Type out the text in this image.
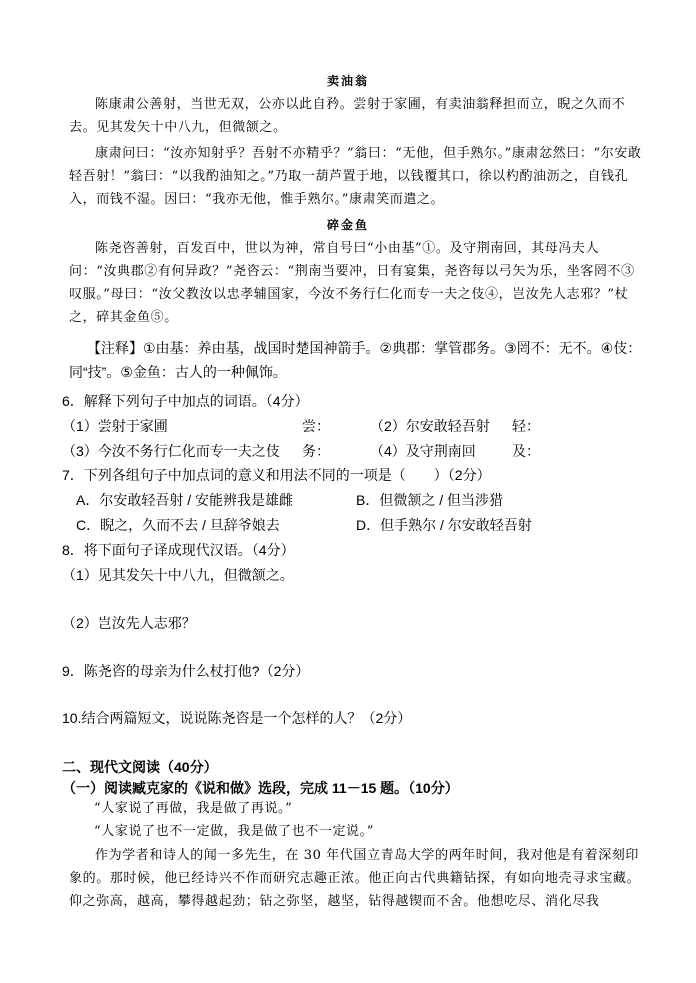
卖油翁
陈康肃公善射，当世无双，公亦以此自矜。尝射于家圃，有卖油翁释担而立，睨之久而不去。见其发矢十中八九，但微颔之。
康肃问曰：“汝亦知射乎？吾射不亦精乎？”翁曰：“无他，但手熟尔。”康肃忿然曰：“尔安敢轻吾射！”翁曰：“以我酌油知之。”乃取一葫芦置于地，以钱覆其口，徐以杓酌油沥之，自钱孔入，而钱不湿。因曰：“我亦无他，惟手熟尔。”康肃笑而遣之。
碎金鱼
陈尧咨善射，百发百中，世以为神，常自号曰“小由基”①。及守荆南回，其母冯夫人问：“汝典郡②有何异政？”尧咨云：“荆南当要冲，日有宴集，尧咨每以弓矢为乐，坐客罔不③叹服。”母曰：“汝父教汝以忠孝辅国家，今汝不务行仁化而专一夫之伎④，岂汝先人志邪？”杖之，碎其金鱼⑤。
【注释】①由基：养由基，战国时楚国神箭手。②典郡：掌管郡务。③罔不：无不。④伎：同“技”。⑤金鱼：古人的一种佩饰。
6．解释下列句子中加点的词语。（4分）
（1）尝射于家圃	尝：	（2）尔安敢轻吾射 轻：
（3）今汝不务行仁化而专一夫之伎 务：	（4）及守荆南回	及：
7．下列各组句子中加点词的意义和用法不同的一项是（　　）（2分）
A．尔安敢轻吾射 / 安能辨我是雄雌	B．但微颔之 / 但当涉猎
C．睨之，久而不去 / 旦辞爷娘去	D．但手熟尔 / 尔安敢轻吾射
8．将下面句子译成现代汉语。（4分）
（1）见其发矢十中八九，但微颔之。
（2）岂汝先人志邪？
9．陈尧咨的母亲为什么杖打他?（2分）
10.结合两篇短文，说说陈尧咨是一个怎样的人？（2分）
二、现代文阅读（40分）
（一）阅读臧克家的《说和做》选段，完成 11－15 题。（10分）
“人家说了再做，我是做了再说。”
“人家说了也不一定做，我是做了也不一定说。”
作为学者和诗人的闻一多先生，在 30 年代国立青岛大学的两年时间，我对他是有着深刻印象的。那时候，他已经诗兴不作而研究志趣正浓。他正向古代典籍钻探，有如向地壳寻求宝藏。仰之弥高，越高，攀得越起劲；钻之弥坚，越坚，钻得越锲而不舍。他想吃尽、消化尽我
